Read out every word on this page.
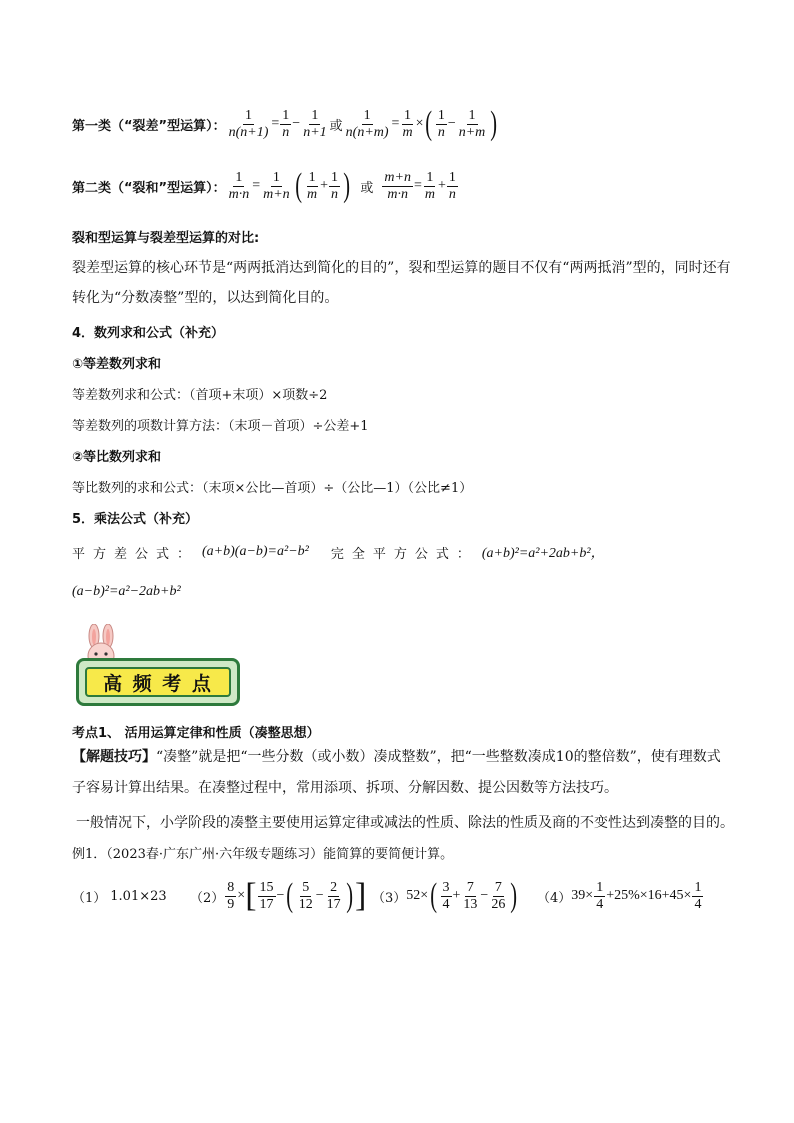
第一类（“裂差”型运算）： $\frac{1}{n(n+1)} = \frac{1}{n} - \frac{1}{n+1}$ 或 $\frac{1}{n(n+m)} = \frac{1}{m}$ × ( $\frac{1}{n} - \frac{1}{n+m}$ )
第二类（“裂和”型运算）： $\frac{1}{m\cdot n} = \frac{1}{m+n}$ ( $\frac{1}{m} + \frac{1}{n}$ ) 或 $\frac{m+n}{m\cdot n} = \frac{1}{m} + \frac{1}{n}$
裂和型运算与裂差型运算的对比:
裂差型运算的核心环节是“两两抵消达到简化的目的”，裂和型运算的题目不仅有“两两抵消”型的，同时还有
转化为“分数凑整”型的，以达到简化目的。
4．数列求和公式（补充）
①等差数列求和
等差数列求和公式：（首项+末项）×项数÷2
等差数列的项数计算方法：（末项－首项）÷公差+1
②等比数列求和
等比数列的求和公式：（末项×公比—首项）÷（公比—1）（公比≠1）
5．乘法公式（补充）
平方差公式： (a+b)(a−b)=a²−b² 完全平方公式： (a+b)²=a²+2ab+b²，
(a−b)²=a²−2ab+b²
高 频 考 点
考点1、 活用运算定律和性质（凑整思想）
【解题技巧】“凑整”就是把“一些分数（或小数）凑成整数”，把“一些整数凑成10的整倍数”，使有理数式
子容易计算出结果。在凑整过程中，常用添项、拆项、分解因数、提公因数等方法技巧。
一般情况下，小学阶段的凑整主要使用运算定律或减法的性质、除法的性质及商的不变性达到凑整的目的。
例1．（2023春·广东广州·六年级专题练习）能简算的要简便计算。
（1） 1.01×23 $(2) \frac{8}{9}$ × [ $\frac{15}{17}$ − ( $\frac{5}{12} - \frac{2}{17}$ ) ] （3） 52× ( $\frac{3}{4} + \frac{7}{13} - \frac{7}{26}$ ) （4） $39\times \frac{1}{4} +25\%\times 16+45\times \frac{1}{4}$
